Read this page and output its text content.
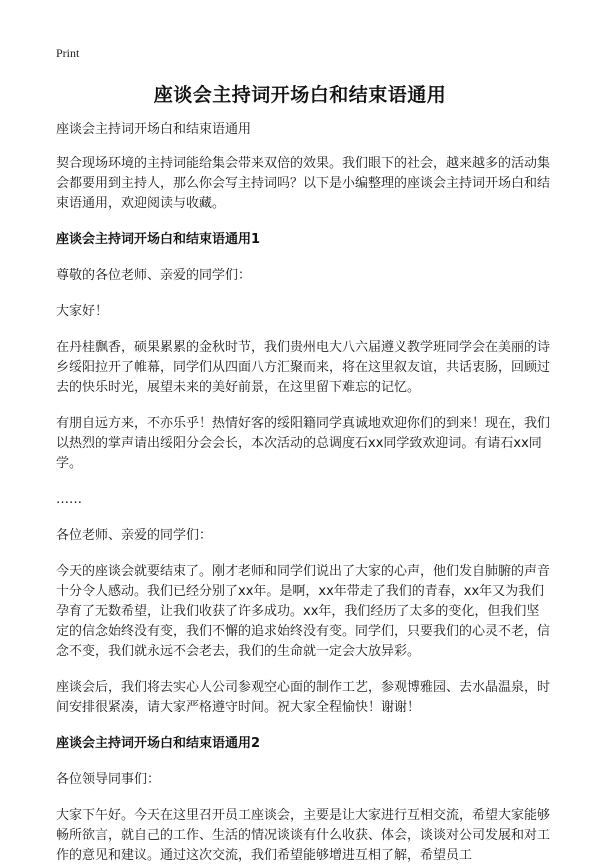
Print
座谈会主持词开场白和结束语通用

座谈会主持词开场白和结束语通用

契合现场环境的主持词能给集会带来双倍的效果。我们眼下的社会，越来越多的活动集会都要用到主持人，那么你会写主持词吗？以下是小编整理的座谈会主持词开场白和结束语通用，欢迎阅读与收藏。

座谈会主持词开场白和结束语通用1

尊敬的各位老师、亲爱的同学们：

大家好！

在丹桂飘香，硕果累累的金秋时节，我们贵州电大八六届遵义教学班同学会在美丽的诗乡绥阳拉开了帷幕，同学们从四面八方汇聚而来，将在这里叙友谊，共话衷肠，回顾过去的快乐时光，展望未来的美好前景，在这里留下难忘的记忆。

有朋自远方来，不亦乐乎！热情好客的绥阳籍同学真诚地欢迎你们的到来！现在，我们以热烈的掌声请出绥阳分会会长，本次活动的总调度石xx同学致欢迎词。有请石xx同学。

……

各位老师、亲爱的同学们：

今天的座谈会就要结束了。刚才老师和同学们说出了大家的心声，他们发自肺腑的声音十分令人感动。我们已经分别了xx年。是啊，xx年带走了我们的青春，xx年又为我们孕育了无数希望，让我们收获了许多成功。xx年，我们经历了太多的变化，但我们坚定的信念始终没有变，我们不懈的追求始终没有变。同学们，只要我们的心灵不老，信念不变，我们就永远不会老去，我们的生命就一定会大放异彩。

座谈会后，我们将去实心人公司参观空心面的制作工艺，参观博雅园、去水晶温泉，时间安排很紧凑，请大家严格遵守时间。祝大家全程愉快！谢谢！

座谈会主持词开场白和结束语通用2

各位领导同事们：

大家下午好。今天在这里召开员工座谈会，主要是让大家进行互相交流，希望大家能够畅所欲言，就自己的工作、生活的情况谈谈有什么收获、体会，谈谈对公司发展和对工作的意见和建议。通过这次交流，我们希望能够增进互相了解，希望员工
